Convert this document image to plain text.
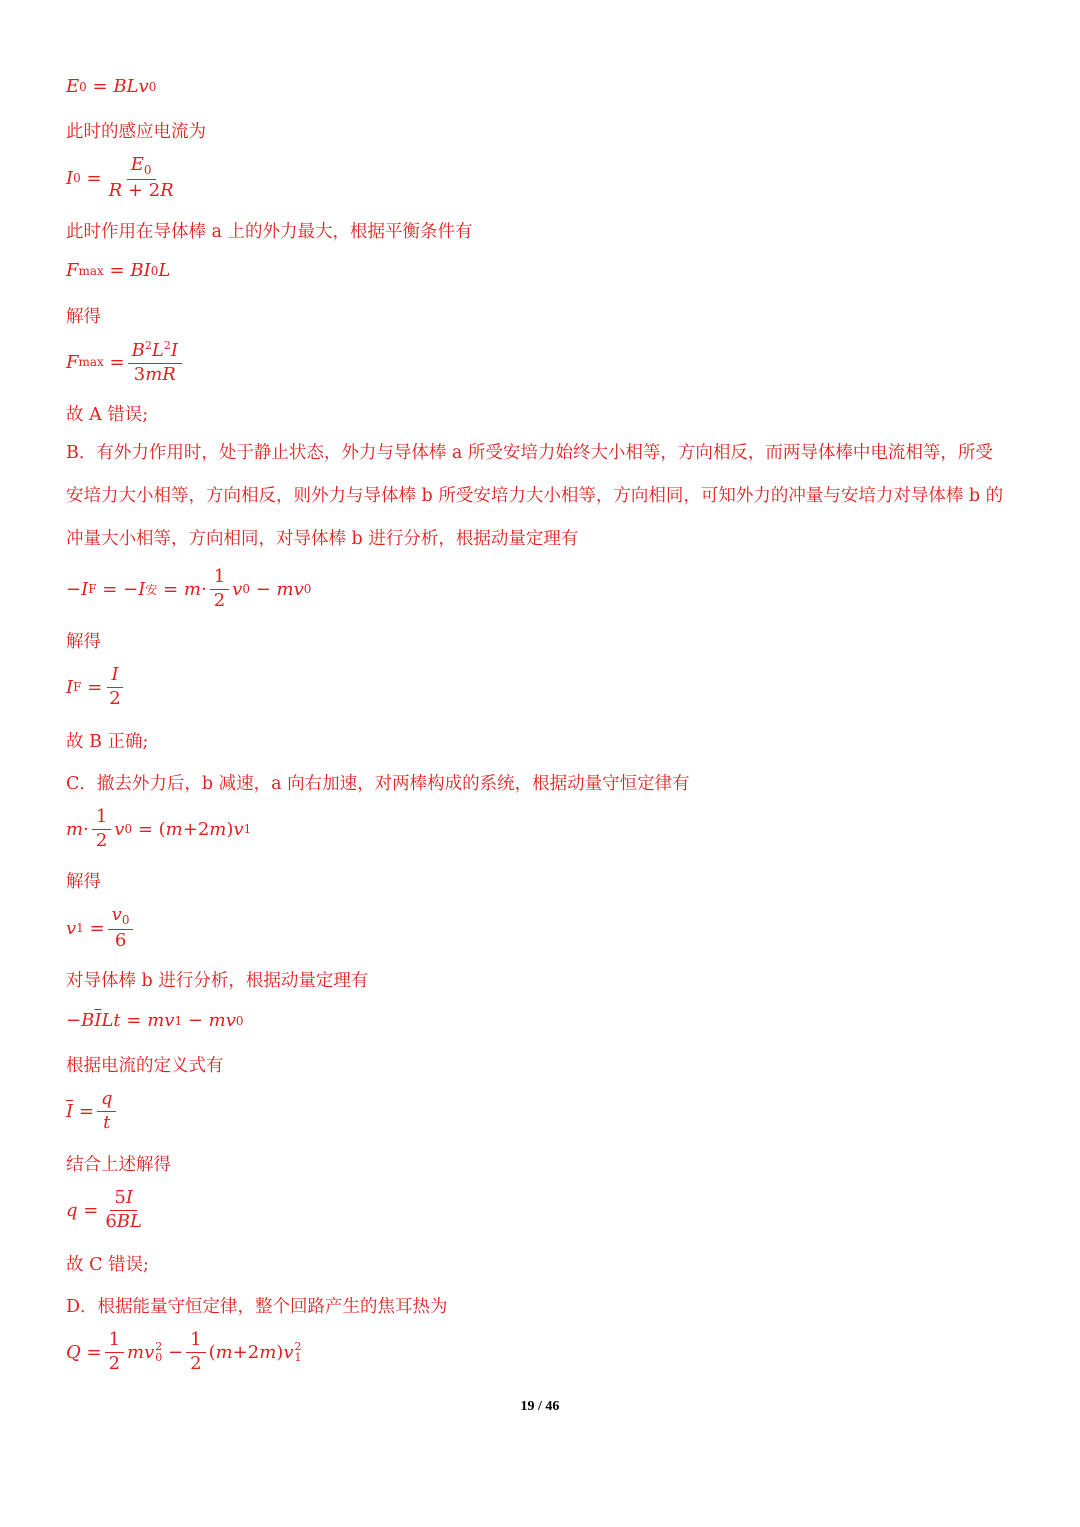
E 0
= BLv 0
此时的感应电流为
I 0
= $\frac{E_0}{R + 2R}$
此时作用在导体棒 a 上的外力最大，根据平衡条件有
F max
= BI 0 L
解得
F max
= $\frac{B^2L^2I}{3mR}$
故 A 错误;
B．有外力作用时，处于静止状态，外力与导体棒 a 所受安培力始终大小相等，方向相反，而两导体棒中电流相等，所受安培力大小相等，方向相反，则外力与导体棒 b 所受安培力大小相等，方向相同，可知外力的冲量与安培力对导体棒 b 的冲量大小相等，方向相同，对导体棒 b 进行分析，根据动量定理有
− I F
=
− I 安
= $m \cdot \frac{1}{2}$ v 0
− mv 0
解得
I F
= $\frac{I}{2}$
故 B 正确;
C．撤去外力后，b 减速，a 向右加速，对两棒构成的系统，根据动量守恒定律有
$m \cdot \frac{1}{2}$ v 0
=
( m + 2 m ) v 1
解得
v 1
= $\frac{v_0}{6}$
对导体棒 b 进行分析，根据动量定理有
− B $\overline{I}$ Lt = mv 1
− mv 0
根据电流的定义式有
$\overline{I}$
= $\frac{q}{t}$
结合上述解得
$q = \frac{5I}{6BL}$
故 C 错误;
D．根据能量守恒定律，整个回路产生的焦耳热为
$Q = \frac{1}{2}$ mv 2
0
− $\frac{1}{2}$ ( m + 2 m ) v 2
1
19 / 46
